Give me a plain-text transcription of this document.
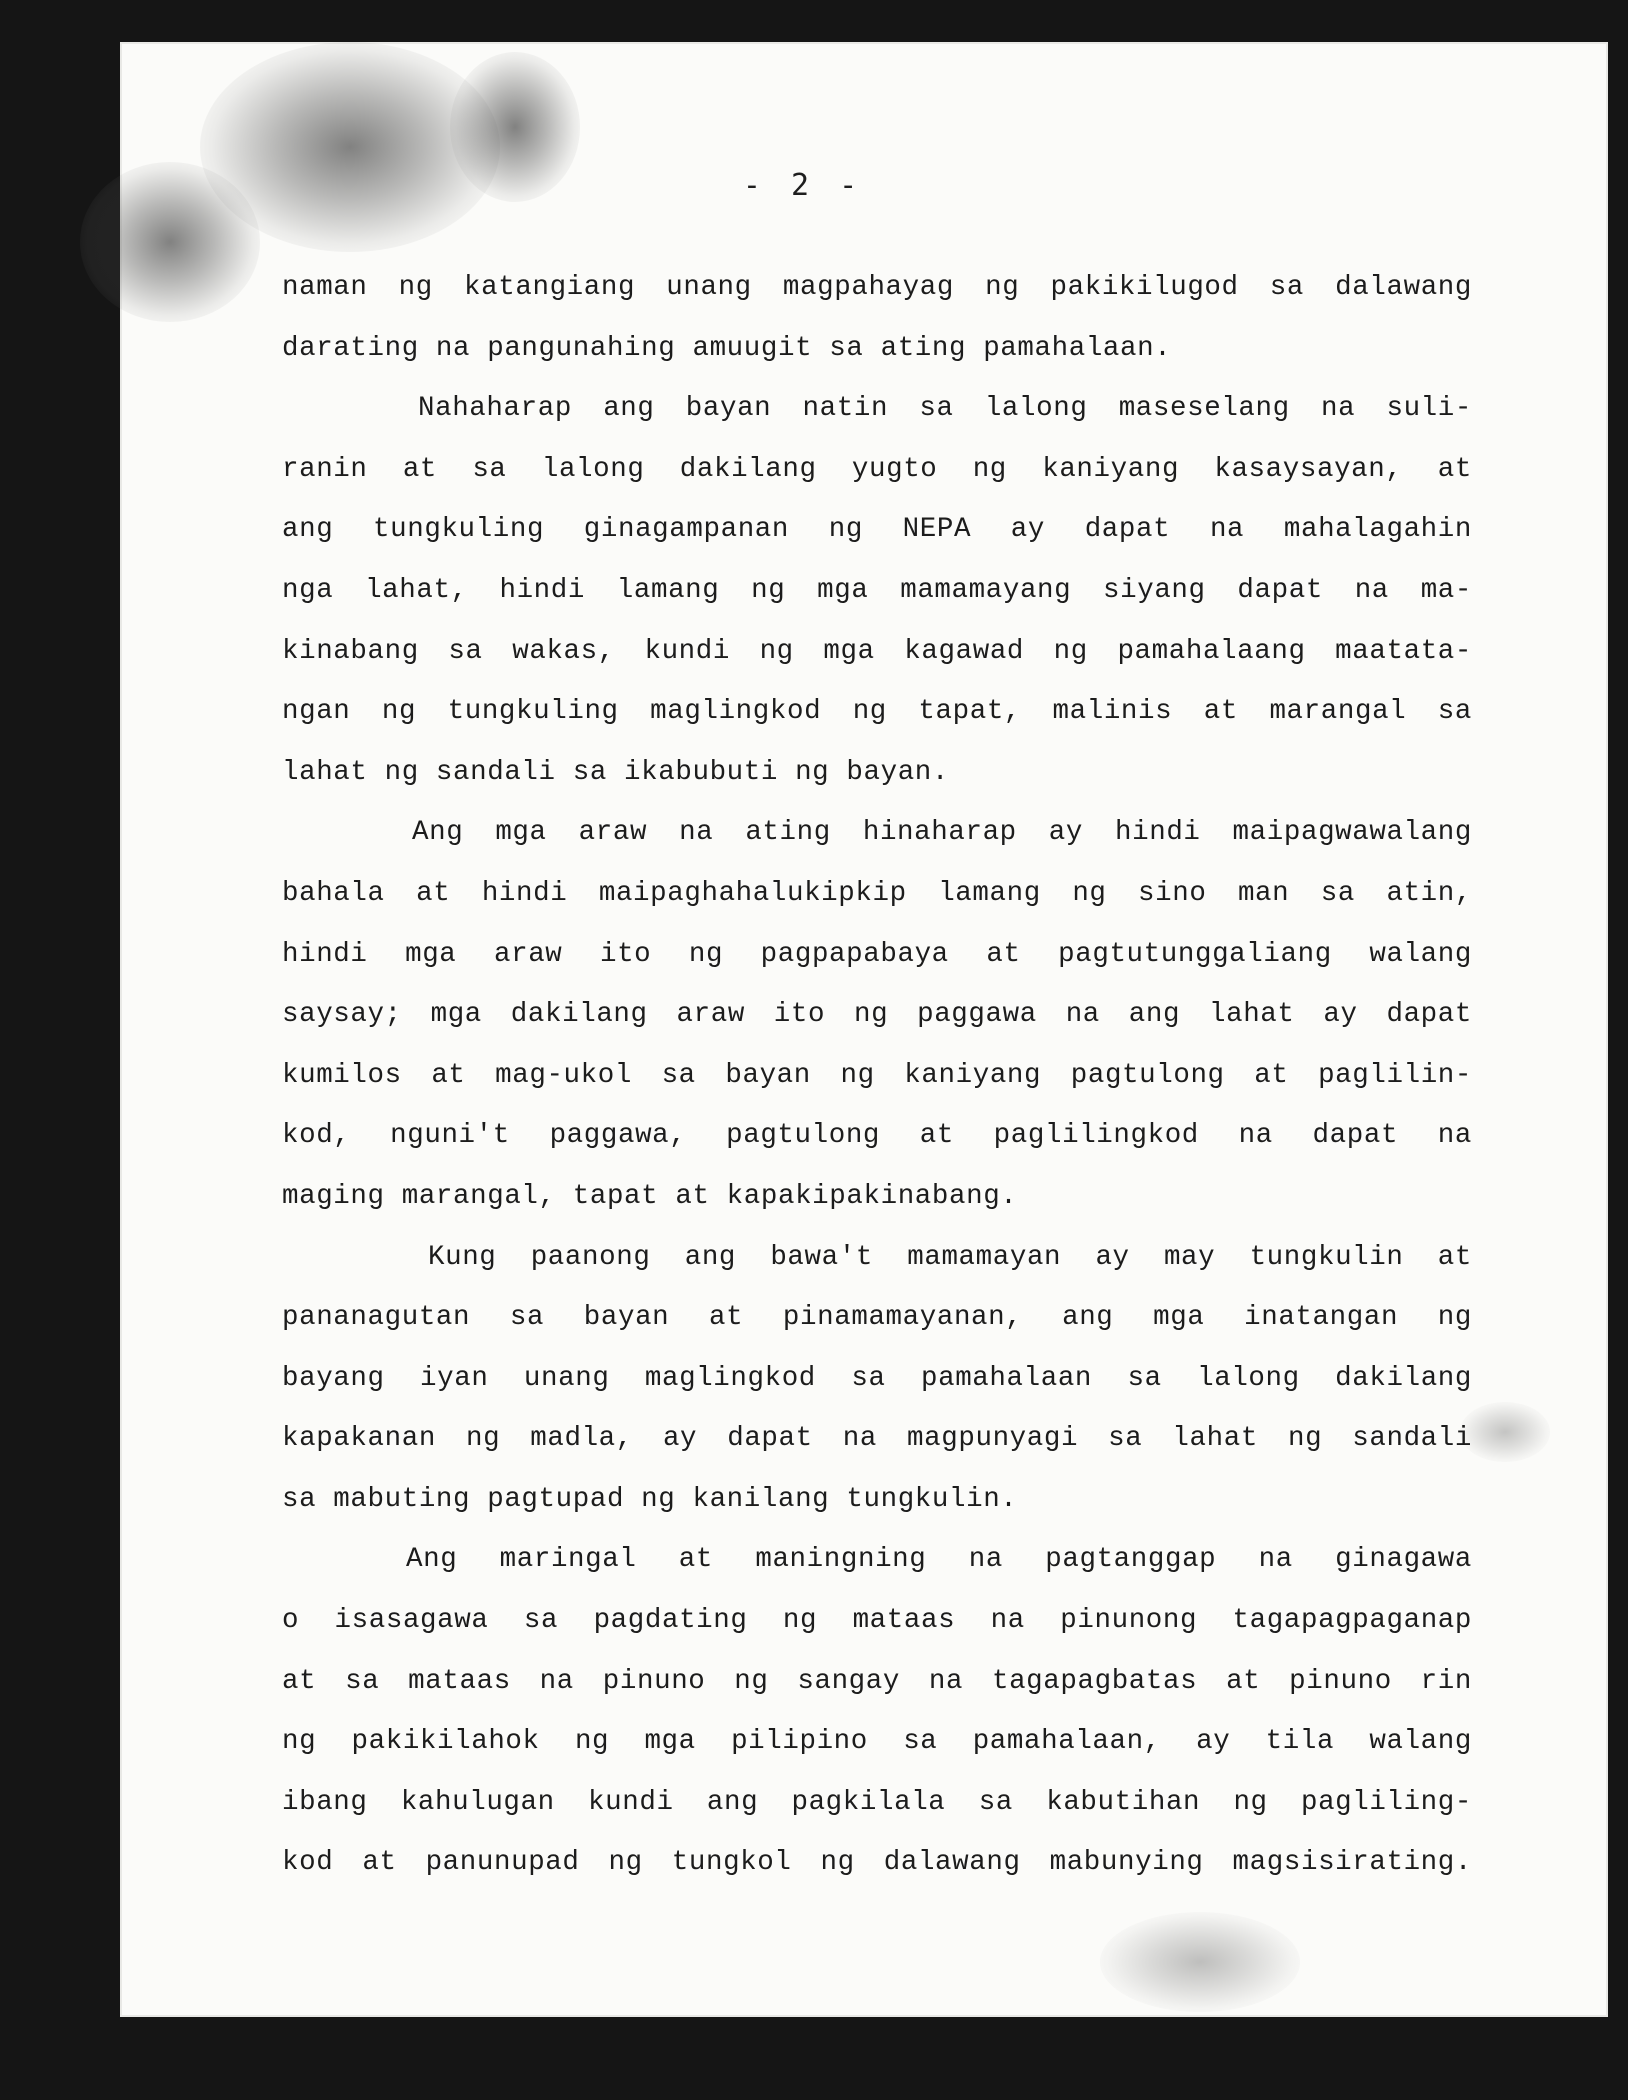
- 2 -
naman ng katangiang unang magpahayag ng pakikilugod sa dalawang
darating na pangunahing amuugit sa ating pamahalaan.
Nahaharap ang bayan natin sa lalong maseselang na suli-
ranin at sa lalong dakilang yugto ng kaniyang kasaysayan, at
ang tungkuling ginagampanan ng NEPA ay dapat na mahalagahin
nga lahat, hindi lamang ng mga mamamayang siyang dapat na ma-
kinabang sa wakas, kundi ng mga kagawad ng pamahalaang maatata-
ngan ng tungkuling maglingkod ng tapat, malinis at marangal sa
lahat ng sandali sa ikabubuti ng bayan.
Ang mga araw na ating hinaharap ay hindi maipagwawalang
bahala at hindi maipaghahalukipkip lamang ng sino man sa atin,
hindi mga araw ito ng pagpapabaya at pagtutunggaliang walang
saysay; mga dakilang araw ito ng paggawa na ang lahat ay dapat
kumilos at mag-ukol sa bayan ng kaniyang pagtulong at paglilin-
kod, nguni't paggawa, pagtulong at paglilingkod na dapat na
maging marangal, tapat at kapakipakinabang.
Kung paanong ang bawa't mamamayan ay may tungkulin at
pananagutan sa bayan at pinamamayanan, ang mga inatangan ng
bayang iyan unang maglingkod sa pamahalaan sa lalong dakilang
kapakanan ng madla, ay dapat na magpunyagi sa lahat ng sandali
sa mabuting pagtupad ng kanilang tungkulin.
Ang maringal at maningning na pagtanggap na ginagawa
o isasagawa sa pagdating ng mataas na pinunong tagapagpaganap
at sa mataas na pinuno ng sangay na tagapagbatas at pinuno rin
ng pakikilahok ng mga pilipino sa pamahalaan, ay tila walang
ibang kahulugan kundi ang pagkilala sa kabutihan ng pagliling-
kod at panunupad ng tungkol ng dalawang mabunying magsisirating.
